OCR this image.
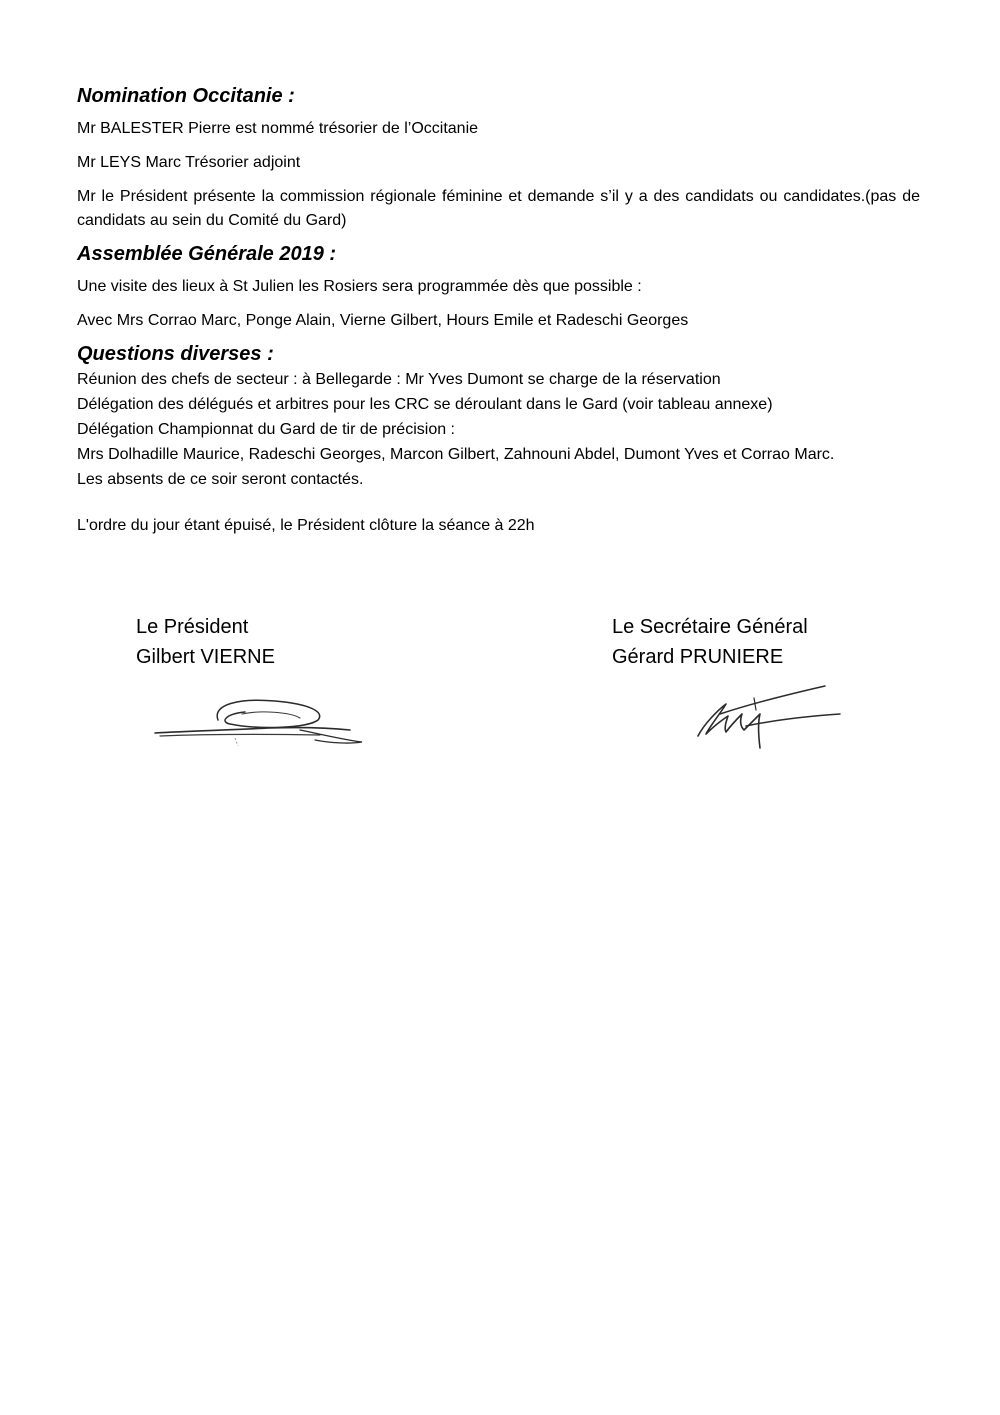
Nomination Occitanie :

Mr BALESTER Pierre est nommé trésorier de l’Occitanie

Mr LEYS Marc Trésorier adjoint

Mr le Président présente la commission régionale féminine et demande s’il y a des candidats ou candidates.(pas de candidats au sein du Comité du Gard)

Assemblée Générale 2019 :

Une visite des lieux à St Julien les Rosiers sera programmée dès que possible :

Avec Mrs Corrao Marc, Ponge Alain, Vierne Gilbert, Hours Emile et Radeschi Georges

Questions diverses :

Réunion des chefs de secteur : à Bellegarde : Mr Yves Dumont se charge de la réservation

Délégation des délégués et arbitres pour les CRC se déroulant dans le Gard (voir tableau annexe)

Délégation Championnat du Gard de tir de précision :

Mrs Dolhadille Maurice, Radeschi Georges, Marcon Gilbert, Zahnouni Abdel, Dumont Yves et Corrao Marc.

Les absents de ce soir seront contactés.

L'ordre du jour étant épuisé, le Président clôture la séance à 22h

Le Président

Gilbert VIERNE

Le Secrétaire Général

Gérard PRUNIERE
